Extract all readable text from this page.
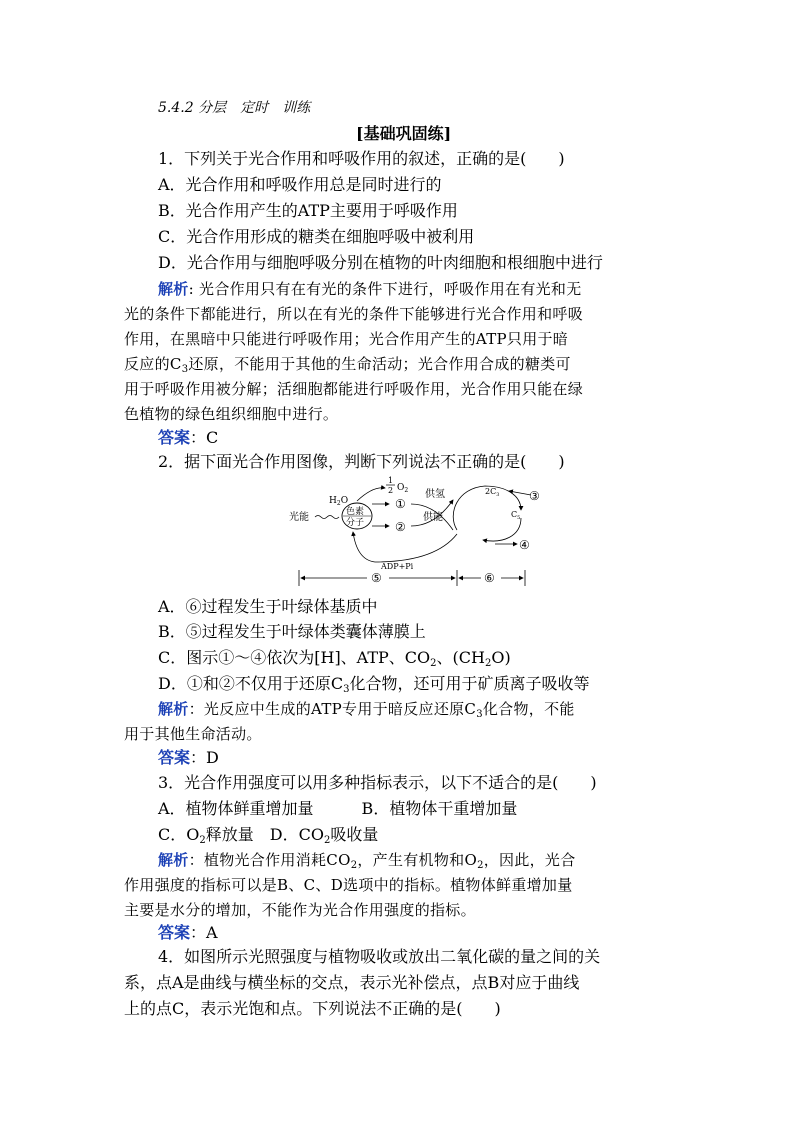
5.4.2 分层　定时　训练
[基础巩固练]
1．下列关于光合作用和呼吸作用的叙述，正确的是(　　)
A．光合作用和呼吸作用总是同时进行的
B．光合作用产生的ATP主要用于呼吸作用
C．光合作用形成的糖类在细胞呼吸中被利用
D．光合作用与细胞呼吸分别在植物的叶肉细胞和根细胞中进行
解析: 光合作用只有在有光的条件下进行，呼吸作用在有光和无
光的条件下都能进行，所以在有光的条件下能够进行光合作用和呼吸
作用，在黑暗中只能进行呼吸作用；光合作用产生的ATP只用于暗
反应的$C_3$还原，不能用于其他的生命活动；光合作用合成的糖类可
用于呼吸作用被分解；活细胞都能进行呼吸作用，光合作用只能在绿
色植物的绿色组织细胞中进行。
答案：C
2．据下面光合作用图像，判断下列说法不正确的是(　　)
$H_2O$
1
2 $O_2$
光能	色素
分子
①
②
供氢
供能
$2C_3$
$C_5$
③
④
ADP+Pi
⑤	⑥
A．⑥过程发生于叶绿体基质中
B．⑤过程发生于叶绿体类囊体薄膜上
C．图示①～④依次为[H]、ATP、$CO_2$、$(CH_2O)$
D．①和②不仅用于还原$C_3$化合物，还可用于矿质离子吸收等
解析：光反应中生成的ATP专用于暗反应还原$C_3$化合物，不能
用于其他生命活动。
答案：D
3．光合作用强度可以用多种指标表示，以下不适合的是(　　)
A．植物体鲜重增加量　　　B．植物体干重增加量
C．$O_2$释放量　D．$CO_2$吸收量
解析：植物光合作用消耗$CO_2$，产生有机物和$O_2$，因此，光合
作用强度的指标可以是B、C、D选项中的指标。植物体鲜重增加量
主要是水分的增加，不能作为光合作用强度的指标。
答案：A
4．如图所示光照强度与植物吸收或放出二氧化碳的量之间的关
系，点A是曲线与横坐标的交点，表示光补偿点，点B对应于曲线
上的点C，表示光饱和点。下列说法不正确的是(　　)
